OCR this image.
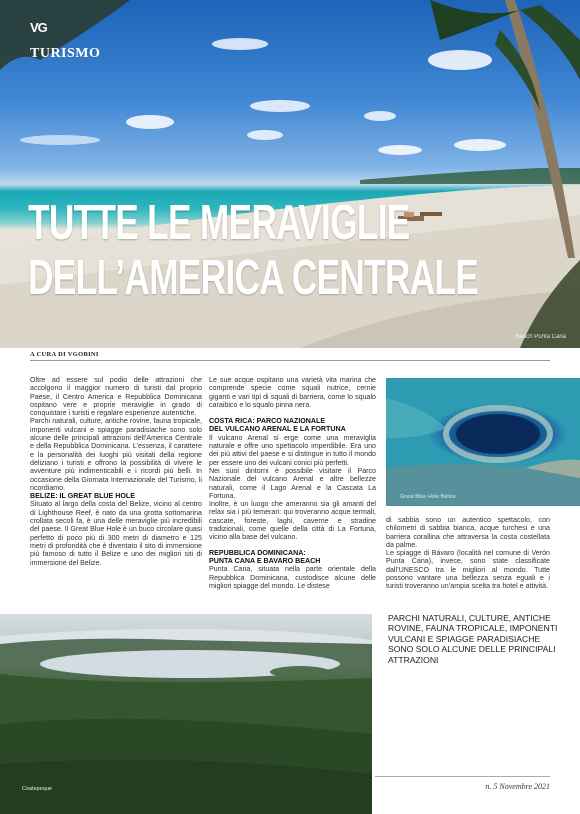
VG
TURISMO
TUTTE LE MERAVIGLIE
DELL’AMERICA CENTRALE
Beach Punta Cana
A CURA DI VGOBINI

Oltre ad essere sul podio delle attrazioni che accolgono il maggior numero di turisti dal proprio Paese, il Centro America e Repubblica Dominicana ospitano vere e proprie meraviglie in grado di conquistare i turisti e regalare esperienze autentiche.

Parchi naturali, culture, antiche rovine, fauna tropicale, imponenti vulcani e spiagge paradisiache sono solo alcune delle principali attrazioni dell’America Centrale e della Repubblica Dominicana. L’essenza, il carattere e la personalità dei luoghi più visitati della regione deliziano i turisti e offrono la possibilità di vivere le avventure più indimenticabili e i ricordi più belli. In occasione della Giornata Internazionale del Turismo, li ricordiamo.

BELIZE: IL GREAT BLUE HOLE

Situato al largo della costa del Belize, vicino al centro di Lighthouse Reef, è nato da una grotta sottomarina crollata secoli fa, è una delle meraviglie più incredibili del paese. Il Great Blue Hole è un buco circolare quasi perfetto di poco più di 300 metri di diametro e 125 metri di profondità che è diventato il sito di immersione più famoso di tutto il Belize e uno dei migliori siti di immersione del Belize.

Le sue acque ospitano una varietà vita marina che comprende specie come squali nutrice, cernie giganti e vari tipi di squali di barriera, come lo squalo caraibico e lo squalo pinna nera.

COSTA RICA: PARCO NAZIONALE
DEL VULCANO ARENAL E LA FORTUNA

Il vulcano Arenal si erge come una meraviglia naturale e offre uno spettacolo imperdibile. Era uno dei più attivi del paese e si distingue in tutto il mondo per essere uno dei vulcani conici più perfetti.

Nei suoi dintorni è possibile visitare il Parco Nazionale del vulcano Arenal e altre bellezze naturali, come il Lago Arenal e la Cascata La Fortuna.

Inoltre, è un luogo che ameranno sia gli amanti del relax sia i più temerari: qui troveranno acque termali, cascate, foreste, laghi, caverne e stradine tradizionali, come quelle della città di La Fortuna, vicino alla base del vulcano.

REPUBBLICA DOMINICANA:
PUNTA CANA E BAVARO BEACH

Punta Cana, situata nella parte orientale della Repubblica Dominicana, custodisce alcune delle migliori spiagge del mondo. Le distese

Great Blue Hole Belize

di sabbia sono un autentico spettacolo, con chilometri di sabbia bianca, acque turchesi e una barriera corallina che attraversa la costa costellata da palme.

Le spiagge di Bávaro (località nel comune di Verón Punta Cana), invece, sono state classificate dall’UNESCO tra le migliori al mondo. Tutte possono vantare una bellezza senza eguali e i turisti troveranno un’ampia scelta tra hotel e attività.

Coatepeque
PARCHI NATURALI, CULTURE, ANTICHE ROVINE, FAUNA TROPICALE, IMPONENTI VULCANI E SPIAGGE PARADISIACHE SONO SOLO ALCUNE DELLE PRINCIPALI ATTRAZIONI
n. 5 Novembre 2021
